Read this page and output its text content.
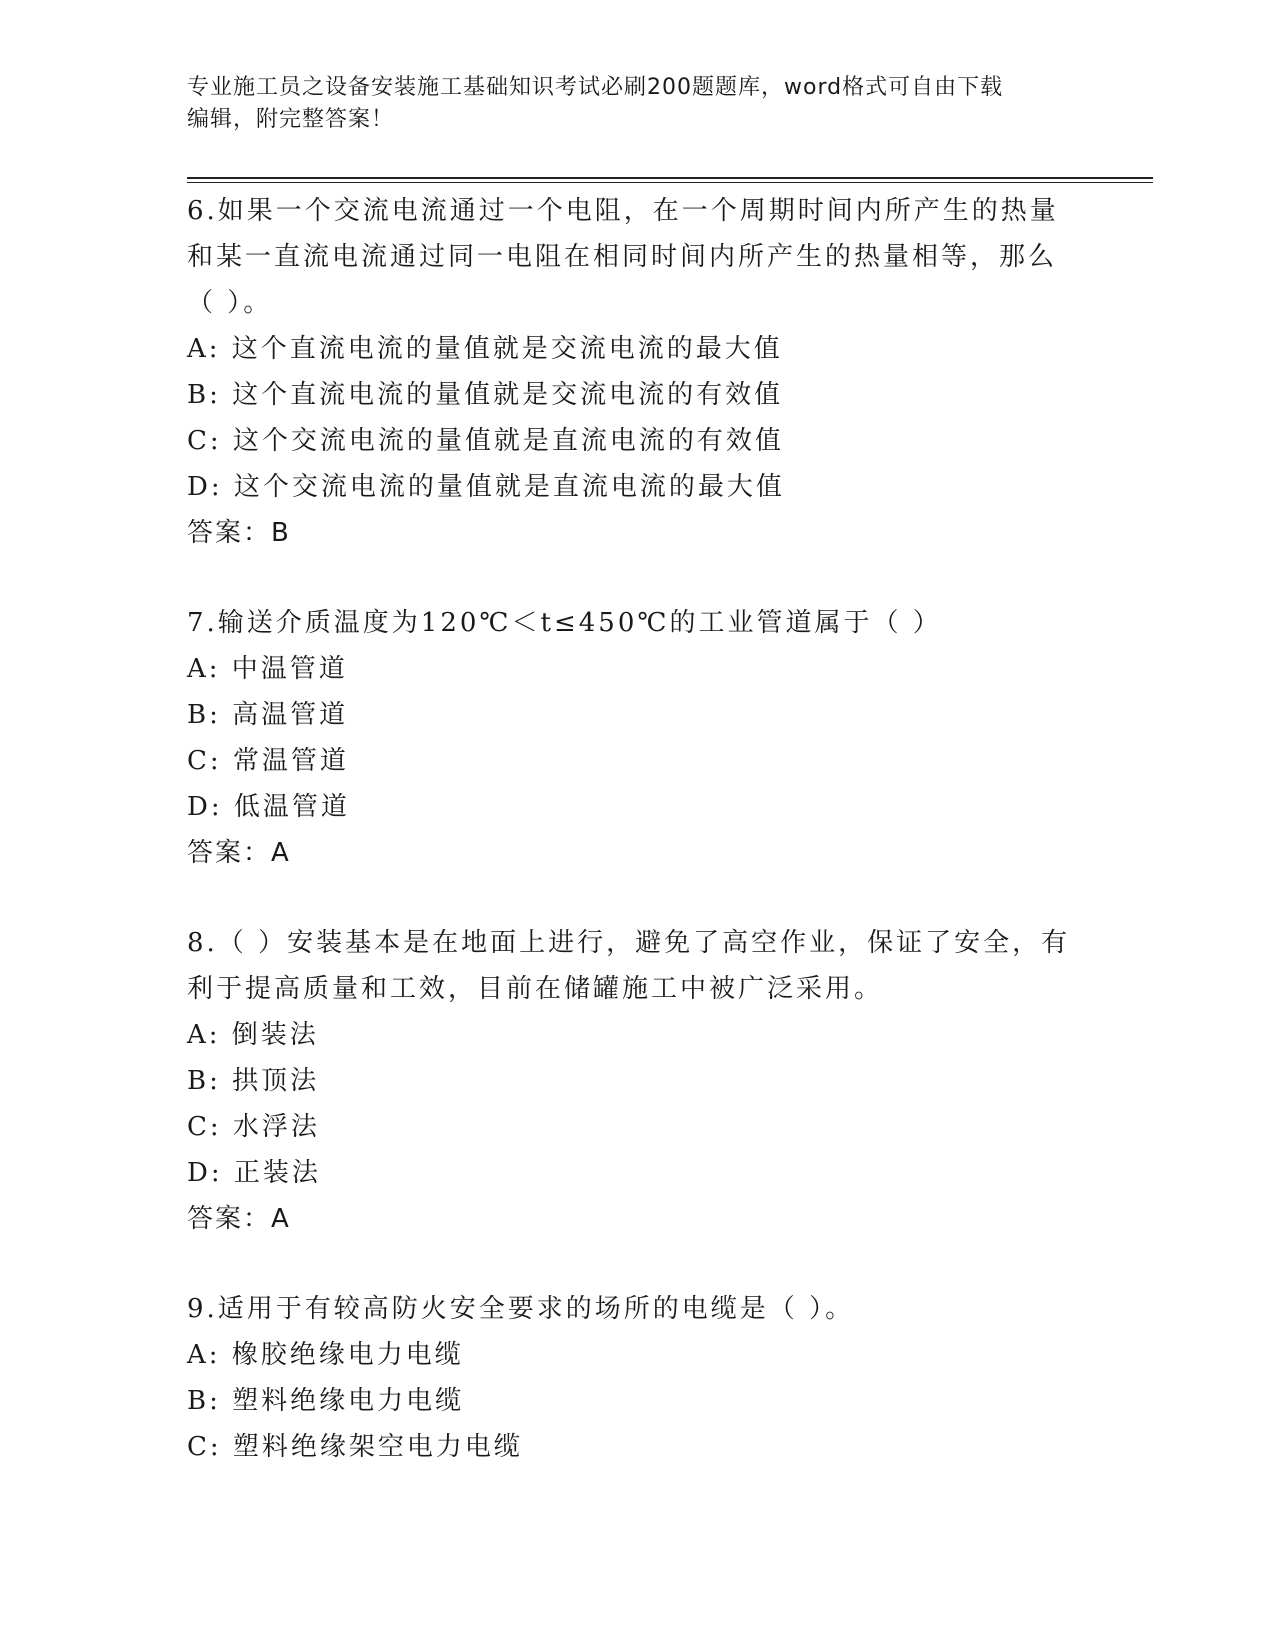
专业施工员之设备安装施工基础知识考试必刷200题题库，word格式可自由下载
编辑，附完整答案！

6.如果一个交流电流通过一个电阻，在一个周期时间内所产生的热量

和某一直流电流通过同一电阻在相同时间内所产生的热量相等，那么

（ ）。

A: 这个直流电流的量值就是交流电流的最大值

B: 这个直流电流的量值就是交流电流的有效值

C: 这个交流电流的量值就是直流电流的有效值

D: 这个交流电流的量值就是直流电流的最大值

答案：B

7.输送介质温度为120℃＜t≤450℃的工业管道属于（ ）

A: 中温管道

B: 高温管道

C: 常温管道

D: 低温管道

答案：A

8.（ ）安装基本是在地面上进行，避免了高空作业，保证了安全，有

利于提高质量和工效，目前在储罐施工中被广泛采用。

A: 倒装法

B: 拱顶法

C: 水浮法

D: 正装法

答案：A

9.适用于有较高防火安全要求的场所的电缆是（ ）。

A: 橡胶绝缘电力电缆

B: 塑料绝缘电力电缆

C: 塑料绝缘架空电力电缆
